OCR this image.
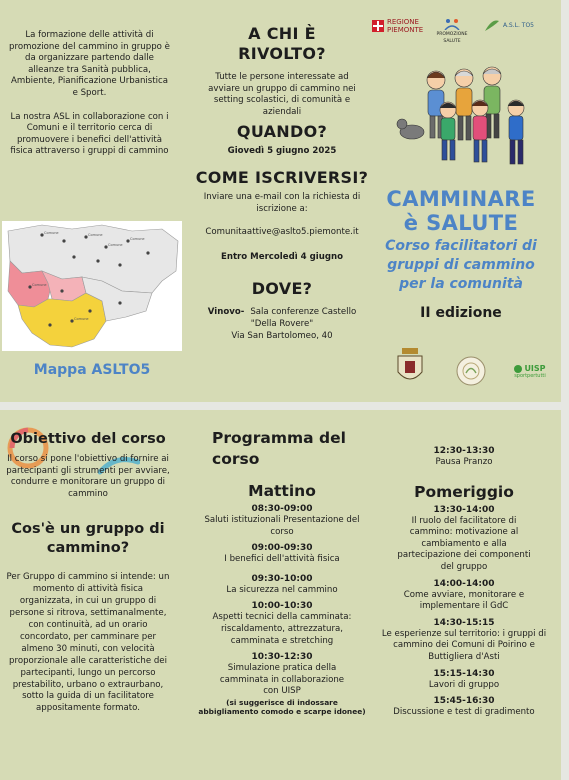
La formazione delle attività di promozione del cammino in gruppo è da organizzare partendo dalle alleanze tra Sanità pubblica, Ambiente, Pianificazione Urbanistica e Sport.
La nostra ASL in collaborazione con i Comuni e il territorio cerca di promuovere i benefici dell'attività fisica attraverso i gruppi di cammino
Comune	Comune
Comune
Comune
Comune
Comune
Mappa ASLTO5
A CHI È RIVOLTO?
Tutte le persone interessate ad avviare un gruppo di cammino nei setting scolastici, di comunità e aziendali
QUANDO?
Giovedì 5 giugno 2025
COME ISCRIVERSI?
Inviare una e-mail con la richiesta di iscrizione a:
Comunitaattive@aslto5.piemonte.it
Entro Mercoledì 4 giugno
DOVE?
Vinovo- Sala conferenze Castello
"Della Rovere"
Via San Bartolomeo, 40
REGIONE PIEMONTE
PROMOZIONE SALUTE
A.S.L. TO5
CAMMINARE
è SALUTE
Corso facilitatori di
gruppi di cammino
per la comunità
II edizione
UISP
sportpertutti
Obiettivo del corso
Il corso si pone l'obiettivo di fornire ai partecipanti gli strumenti per avviare, condurre e monitorare un gruppo di cammino
Cos'è un gruppo di cammino?
Per Gruppo di cammino si intende: un momento di attività fisica organizzata, in cui un gruppo di persone si ritrova, settimanalmente, con continuità, ad un orario concordato, per camminare per almeno 30 minuti, con velocità proporzionale alle caratteristiche dei partecipanti, lungo un percorso prestabilito, urbano o extraurbano, sotto la guida di un facilitatore appositamente formato.
Programma del corso
Mattino
08:30-09:00
Saluti istituzionali Presentazione del corso
09:00-09:30
I benefici dell'attività fisica
09:30-10:00
La sicurezza nel cammino
10:00-10:30
Aspetti tecnici della camminata: riscaldamento, attrezzatura, camminata e stretching
10:30-12:30
Simulazione pratica della camminata in collaborazione con UISP
(si suggerisce di indossare abbigliamento comodo e scarpe idonee)
12:30-13:30
Pausa Pranzo
Pomeriggio
13:30-14:00
Il ruolo del facilitatore di cammino: motivazione al cambiamento e alla partecipazione dei componenti del gruppo
14:00-14:00
Come avviare, monitorare e implementare il GdC
14:30-15:15
Le esperienze sul territorio: i gruppi di cammino dei Comuni di Poirino e Buttigliera d'Asti
15:15-14:30
Lavori di gruppo
15:45-16:30
Discussione e test di gradimento
